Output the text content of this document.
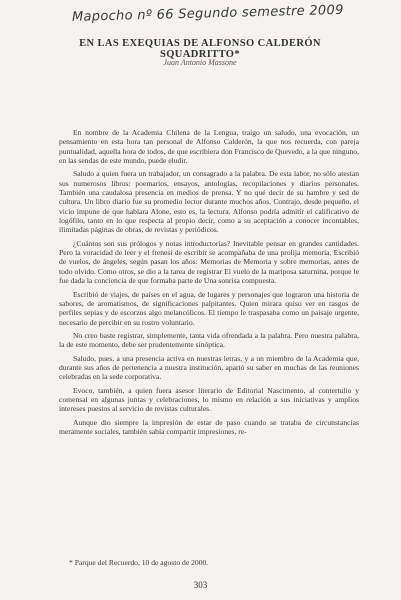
Mapocho nº 66 Segundo semestre 2009
EN LAS EXEQUIAS DE ALFONSO CALDERÓN SQUADRITTO*
Juan Antonio Massone

En nombre de la Academia Chilena de la Lengua, traigo un saludo, una evocación, un pensamiento en esta hora tan personal de Alfonso Calderón, la que nos recuerda, con pareja puntualidad, aquella hora de todos, de que escribiera don Francisco de Quevedo, a la que ninguno, en las sendas de este mundo, puede eludir.

Saludo a quien fuera un trabajador, un consagrado a la palabra. De esta labor, no sólo atestan sus numerosos libros: poemarios, ensayos, antologías, recopilaciones y diarios personales. También una caudalosa presencia en medios de prensa. Y no qué decir de su hambre y sed de cultura. Un libro diario fue su promedio lector durante muchos años. Contrajo, desde pequeño, el vicio impune de que hablara Alone, esto es, la lectura. Alfonso podría admitir el calificativo de logófilo, tanto en lo que respecta al propio decir, como a su aceptación a conocer incontables, ilimitadas páginas de obras, de revistas y periódicos.

¿Cuántos son sus prólogos y notas introductorias? Inevitable pensar en grandes cantidades. Pero la voracidad de leer y el frenesí de escribir se acompañaba de una prolija memoria. Escribió de vuelos, de ángeles, según pasan los años: Memorias de Memoria y sobre memorias, antes de todo olvido. Como otros, se dio a la tarea de registrar El vuelo de la mariposa saturnina, porque le fue dada la conciencia de que formaba parte de Una sonrisa compuesta.

Escribió de viajes, de países en el agua, de lugares y personajes que lograron una historia de sabores, de aromatismos, de significaciones palpitantes. Quien mirara quiso ver en rasgos de perfiles sepias y de escorzos algo melancólicos. El tiempo le traspasaba como un paisaje urgente, necesario de percibir en su rostro voluntario.

No creo baste registrar, simplemente, tanta vida ofrendada a la palabra. Pero nuestra palabra, la de este momento, debe ser prudentemente sinóptica.

Saludo, pues, a una presencia activa en nuestras letras, y a un miembro de la Academia que, durante sus años de pertenencia a nuestra institución, apartó su saber en muchas de las reuniones celebradas en la sede corporativa.

Evoco, también, a quien fuera asesor literario de Editorial Nascimento, al contertulio y comensal en algunas juntas y celebraciones, lo mismo en relación a sus iniciativas y amplios intereses puestos al servicio de revistas culturales.

Aunque dio siempre la impresión de estar de paso cuando se trataba de circunstancias meramente sociales, también sabía compartir impresiones, re-

* Parque del Recuerdo, 10 de agosto de 2000.
303
